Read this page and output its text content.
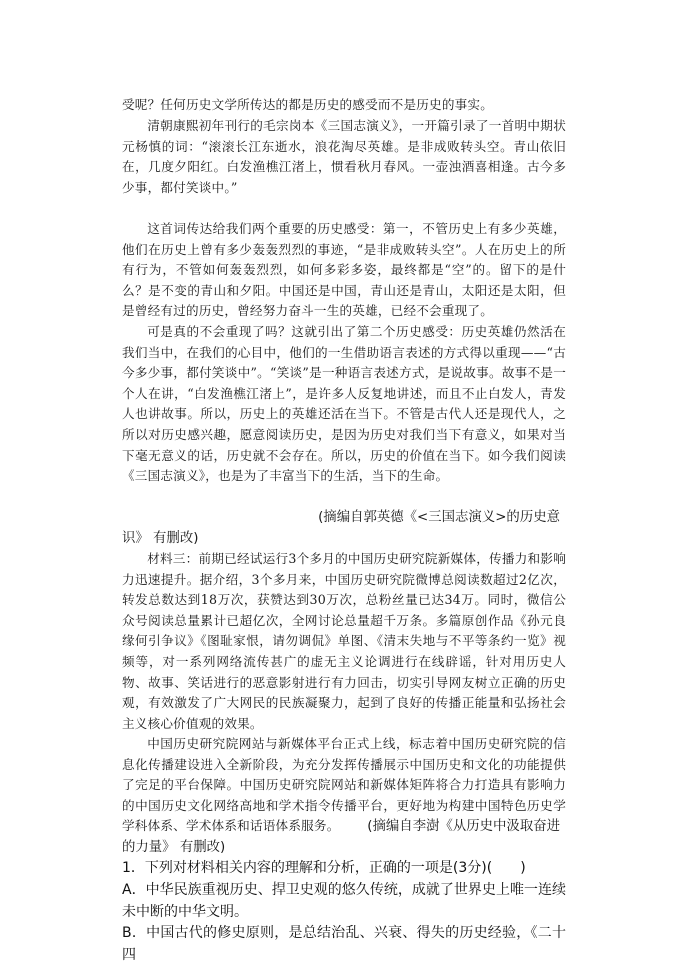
受呢？任何历史文学所传达的都是历史的感受而不是历史的事实。

清朝康熙初年刊行的毛宗岗本《三国志演义》，一开篇引录了一首明中期状元杨慎的词：“滚滚长江东逝水，浪花淘尽英雄。是非成败转头空。青山依旧在，几度夕阳红。白发渔樵江渚上，惯看秋月春风。一壶浊酒喜相逢。古今多少事，都付笑谈中。”

这首词传达给我们两个重要的历史感受：第一，不管历史上有多少英雄，他们在历史上曾有多少轰轰烈烈的事迹，“是非成败转头空”。人在历史上的所有行为，不管如何轰轰烈烈，如何多彩多姿，最终都是“空”的。留下的是什么？是不变的青山和夕阳。中国还是中国，青山还是青山，太阳还是太阳，但是曾经有过的历史，曾经努力奋斗一生的英雄，已经不会重现了。

可是真的不会重现了吗？这就引出了第二个历史感受：历史英雄仍然活在我们当中，在我们的心目中，他们的一生借助语言表述的方式得以重现——“古今多少事，都付笑谈中”。“笑谈”是一种语言表述方式，是说故事。故事不是一个人在讲，“白发渔樵江渚上”，是许多人反复地讲述，而且不止白发人，青发人也讲故事。所以，历史上的英雄还活在当下。不管是古代人还是现代人，之所以对历史感兴趣，愿意阅读历史，是因为历史对我们当下有意义，如果对当下毫无意义的话，历史就不会存在。所以，历史的价值在当下。如今我们阅读《三国志演义》，也是为了丰富当下的生活，当下的生命。

(摘编自郭英德《<三国志演义>的历史意
识》 有删改)

材料三：前期已经试运行3个多月的中国历史研究院新媒体，传播力和影响力迅速提升。据介绍，3个多月来，中国历史研究院微博总阅读数超过2亿次，转发总数达到18万次，获赞达到30万次，总粉丝量已达34万。同时，微信公众号阅读总量累计已超亿次，全网讨论总量超千万条。多篇原创作品《孙元良缘何引争议》《图耻家恨，请勿调侃》单图、《清末失地与不平等条约一览》视频等，对一系列网络流传甚广的虚无主义论调进行在线辟谣，针对用历史人物、故事、笑话进行的恶意影射进行有力回击，切实引导网友树立正确的历史观，有效激发了广大网民的民族凝聚力，起到了良好的传播正能量和弘扬社会主义核心价值观的效果。

中国历史研究院网站与新媒体平台正式上线，标志着中国历史研究院的信息化传播建设进入全新阶段，为充分发挥传播展示中国历史和文化的功能提供了完足的平台保障。中国历史研究院网站和新媒体矩阵将合力打造具有影响力的中国历史文化网络高地和学术指令传播平台，更好地为构建中国特色历史学学科体系、学术体系和话语体系服务。	(摘编自李澍《从历史中汲取奋进
的力量》 有删改)

1．下列对材料相关内容的理解和分析，正确的一项是(3分)(　　)

A．中华民族重视历史、捍卫史观的悠久传统，成就了世界史上唯一连续未中断的中华文明。

B．中国古代的修史原则，是总结治乱、兴衰、得失的历史经验，《二十四
